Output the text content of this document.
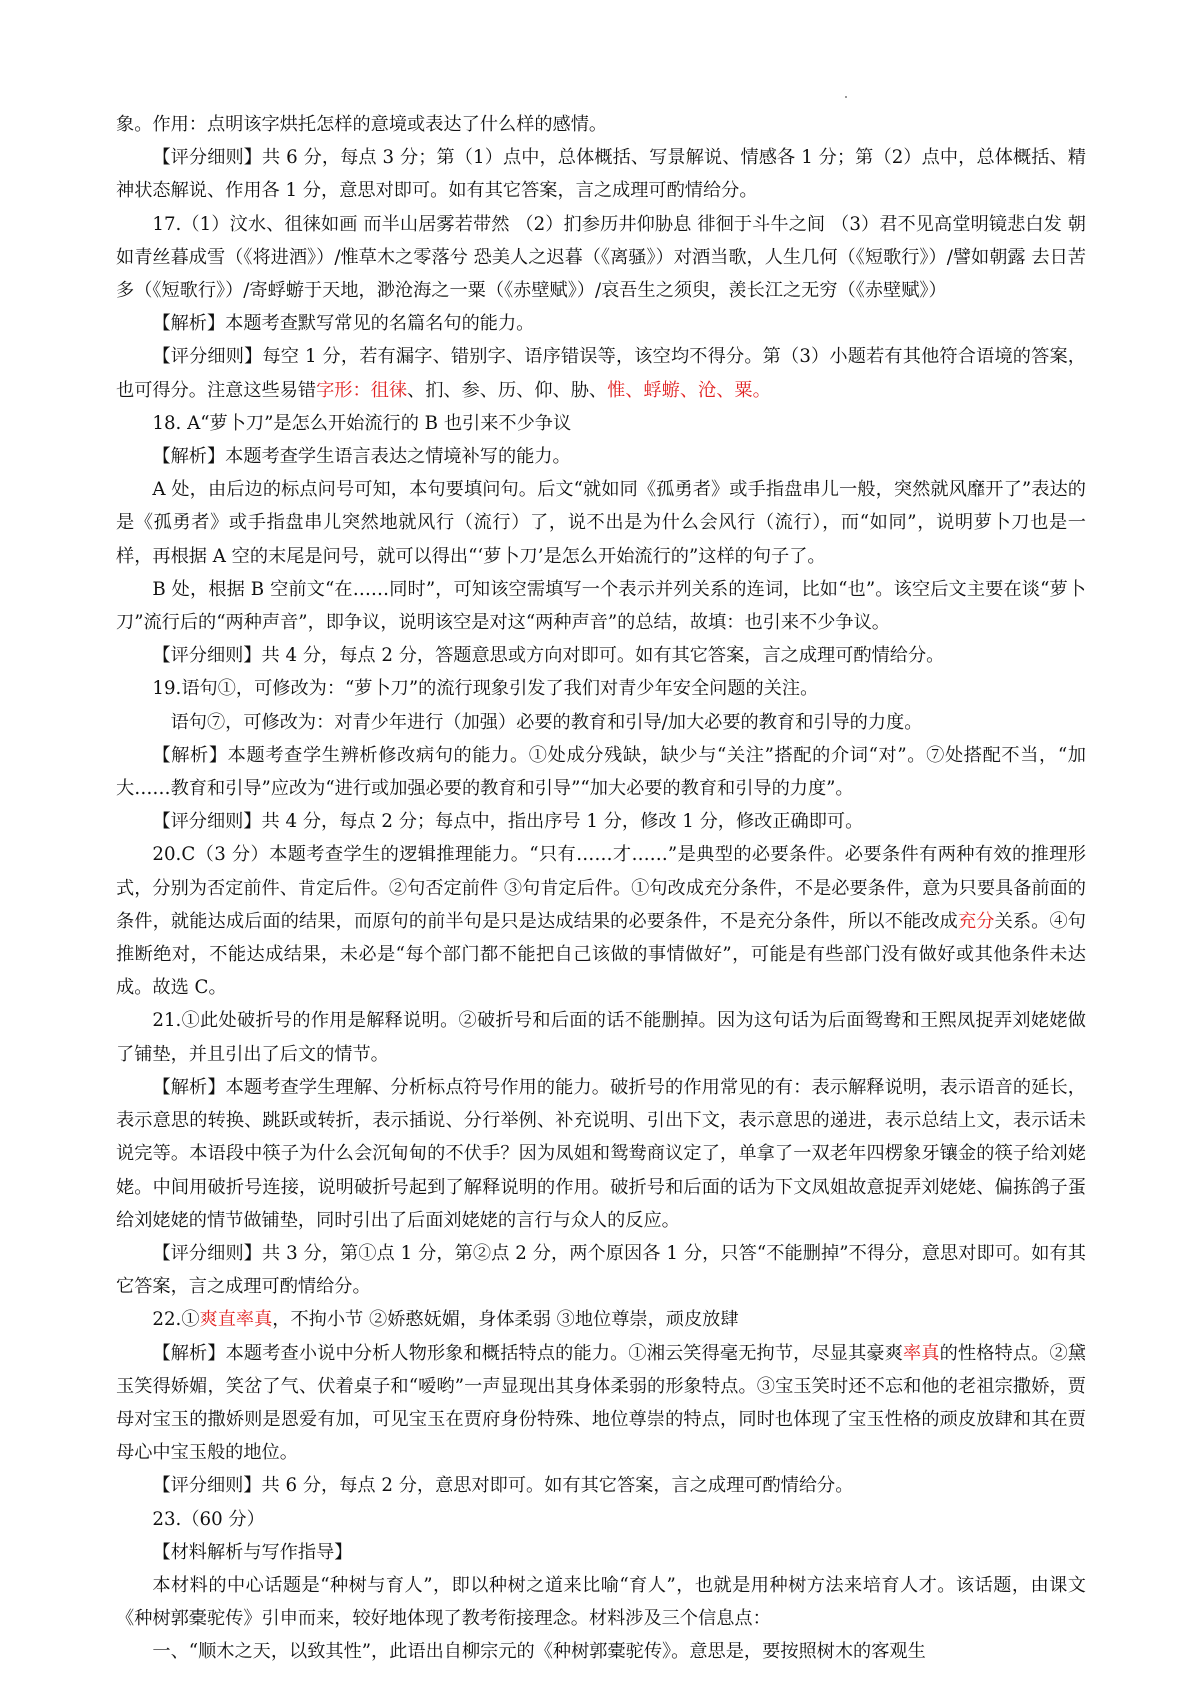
象。作用：点明该字烘托怎样的意境或表达了什么样的感情。

【评分细则】共 6 分，每点 3 分；第（1）点中，总体概括、写景解说、情感各 1 分；第（2）点中，总体概括、精神状态解说、作用各 1 分，意思对即可。如有其它答案，言之成理可酌情给分。

17.（1）汶水、徂徕如画 而半山居雾若带然 （2）扪参历井仰胁息 徘徊于斗牛之间 （3）君不见高堂明镜悲白发 朝如青丝暮成雪（《将进酒》）/惟草木之零落兮 恐美人之迟暮（《离骚》）对酒当歌，人生几何（《短歌行》）/譬如朝露 去日苦多（《短歌行》）/寄蜉蝣于天地，渺沧海之一粟（《赤壁赋》）/哀吾生之须臾，羡长江之无穷（《赤壁赋》）

【解析】本题考查默写常见的名篇名句的能力。

【评分细则】每空 1 分，若有漏字、错别字、语序错误等，该空均不得分。第（3）小题若有其他符合语境的答案，也可得分。注意这些易错字形：徂徕、扪、参、历、仰、胁、惟、蜉蝣、沧、粟。

18. A“萝卜刀”是怎么开始流行的 B 也引来不少争议

【解析】本题考查学生语言表达之情境补写的能力。

A 处，由后边的标点问号可知，本句要填问句。后文“就如同《孤勇者》或手指盘串儿一般，突然就风靡开了”表达的是《孤勇者》或手指盘串儿突然地就风行（流行）了，说不出是为什么会风行（流行），而“如同”，说明萝卜刀也是一样，再根据 A 空的末尾是问号，就可以得出“‘萝卜刀’是怎么开始流行的”这样的句子了。

B 处，根据 B 空前文“在……同时”，可知该空需填写一个表示并列关系的连词，比如“也”。该空后文主要在谈“萝卜刀”流行后的“两种声音”，即争议，说明该空是对这“两种声音”的总结，故填：也引来不少争议。

【评分细则】共 4 分，每点 2 分，答题意思或方向对即可。如有其它答案，言之成理可酌情给分。

19.语句①，可修改为：“萝卜刀”的流行现象引发了我们对青少年安全问题的关注。

语句⑦，可修改为：对青少年进行（加强）必要的教育和引导/加大必要的教育和引导的力度。

【解析】本题考查学生辨析修改病句的能力。①处成分残缺，缺少与“关注”搭配的介词“对”。⑦处搭配不当，“加大……教育和引导”应改为“进行或加强必要的教育和引导”“加大必要的教育和引导的力度”。

【评分细则】共 4 分，每点 2 分；每点中，指出序号 1 分，修改 1 分，修改正确即可。

20.C（3 分）本题考查学生的逻辑推理能力。“只有……才……”是典型的必要条件。必要条件有两种有效的推理形式，分别为否定前件、肯定后件。②句否定前件 ③句肯定后件。①句改成充分条件，不是必要条件，意为只要具备前面的条件，就能达成后面的结果，而原句的前半句是只是达成结果的必要条件，不是充分条件，所以不能改成充分关系。④句推断绝对，不能达成结果，未必是“每个部门都不能把自己该做的事情做好”，可能是有些部门没有做好或其他条件未达成。故选 C。

21.①此处破折号的作用是解释说明。②破折号和后面的话不能删掉。因为这句话为后面鸳鸯和王熙凤捉弄刘姥姥做了铺垫，并且引出了后文的情节。

【解析】本题考查学生理解、分析标点符号作用的能力。破折号的作用常见的有：表示解释说明，表示语音的延长，表示意思的转换、跳跃或转折，表示插说、分行举例、补充说明、引出下文，表示意思的递进，表示总结上文，表示话未说完等。本语段中筷子为什么会沉甸甸的不伏手？因为凤姐和鸳鸯商议定了，单拿了一双老年四楞象牙镶金的筷子给刘姥姥。中间用破折号连接，说明破折号起到了解释说明的作用。破折号和后面的话为下文凤姐故意捉弄刘姥姥、偏拣鸽子蛋给刘姥姥的情节做铺垫，同时引出了后面刘姥姥的言行与众人的反应。

【评分细则】共 3 分，第①点 1 分，第②点 2 分，两个原因各 1 分，只答“不能删掉”不得分，意思对即可。如有其它答案，言之成理可酌情给分。

22.①爽直率真，不拘小节 ②娇憨妩媚，身体柔弱 ③地位尊崇，顽皮放肆

【解析】本题考查小说中分析人物形象和概括特点的能力。①湘云笑得毫无拘节，尽显其豪爽率真的性格特点。②黛玉笑得娇媚，笑岔了气、伏着桌子和“嗳哟”一声显现出其身体柔弱的形象特点。③宝玉笑时还不忘和他的老祖宗撒娇，贾母对宝玉的撒娇则是恩爱有加，可见宝玉在贾府身份特殊、地位尊崇的特点，同时也体现了宝玉性格的顽皮放肆和其在贾母心中宝玉般的地位。

【评分细则】共 6 分，每点 2 分，意思对即可。如有其它答案，言之成理可酌情给分。

23.（60 分）

【材料解析与写作指导】

本材料的中心话题是“种树与育人”，即以种树之道来比喻“育人”，也就是用种树方法来培育人才。该话题，由课文《种树郭橐驼传》引申而来，较好地体现了教考衔接理念。材料涉及三个信息点：

一、“顺木之天，以致其性”，此语出自柳宗元的《种树郭橐驼传》。意思是，要按照树木的客观生
